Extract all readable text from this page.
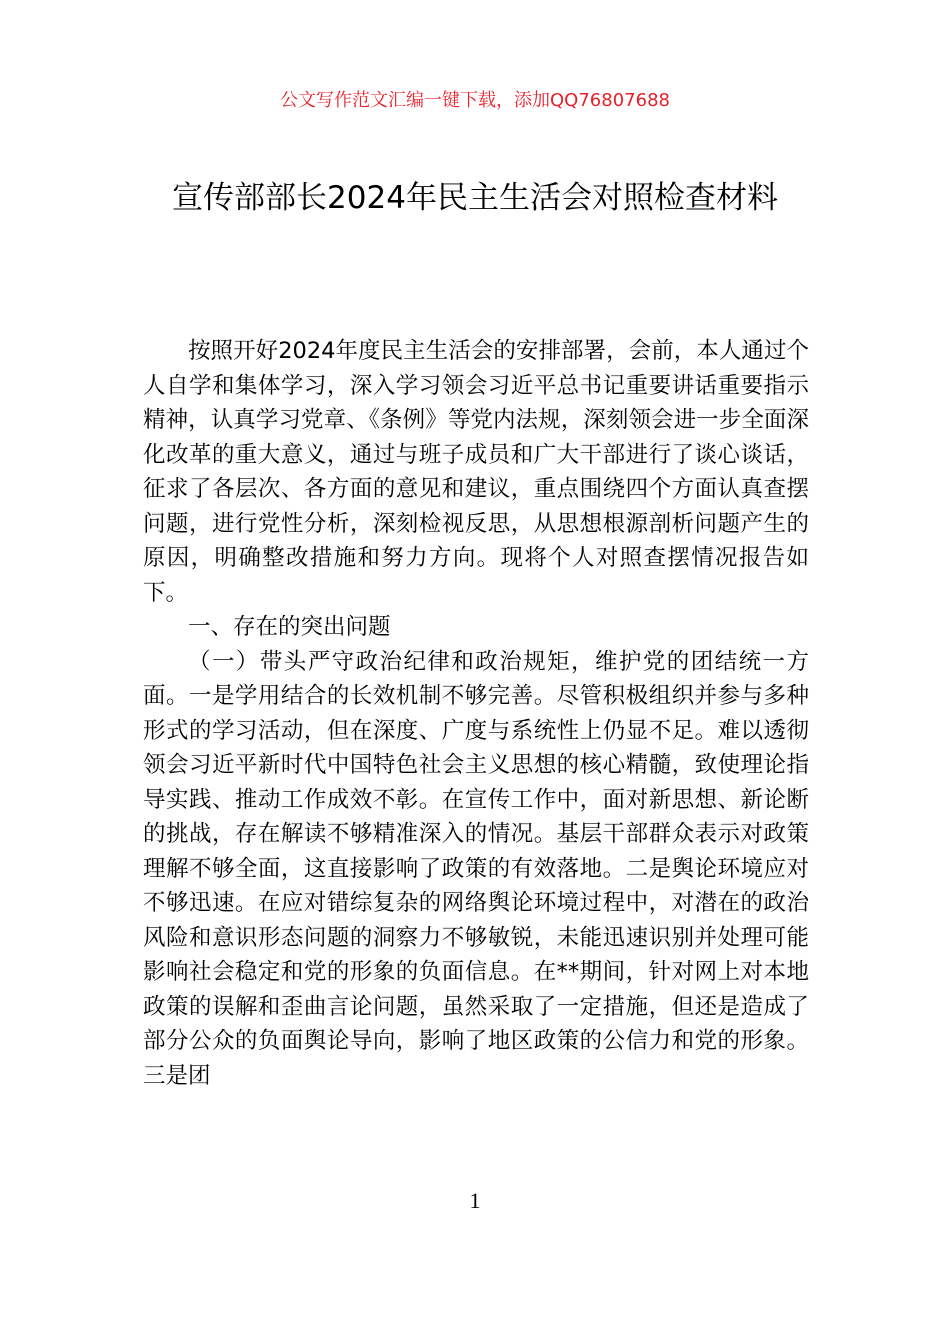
公文写作范文汇编一键下载，添加QQ76807688
宣传部部长2024年民主生活会对照检查材料

按照开好2024年度民主生活会的安排部署，会前，本人通过个人自学和集体学习，深入学习领会习近平总书记重要讲话重要指示精神，认真学习党章、《条例》等党内法规，深刻领会进一步全面深化改革的重大意义，通过与班子成员和广大干部进行了谈心谈话，征求了各层次、各方面的意见和建议，重点围绕四个方面认真查摆问题，进行党性分析，深刻检视反思，从思想根源剖析问题产生的原因，明确整改措施和努力方向。现将个人对照查摆情况报告如下。

一、存在的突出问题

（一）带头严守政治纪律和政治规矩，维护党的团结统一方面。一是学用结合的长效机制不够完善。尽管积极组织并参与多种形式的学习活动，但在深度、广度与系统性上仍显不足。难以透彻领会习近平新时代中国特色社会主义思想的核心精髓，致使理论指导实践、推动工作成效不彰。在宣传工作中，面对新思想、新论断的挑战，存在解读不够精准深入的情况。基层干部群众表示对政策理解不够全面，这直接影响了政策的有效落地。二是舆论环境应对不够迅速。在应对错综复杂的网络舆论环境过程中，对潜在的政治风险和意识形态问题的洞察力不够敏锐，未能迅速识别并处理可能影响社会稳定和党的形象的负面信息。在**期间，针对网上对本地政策的误解和歪曲言论问题，虽然采取了一定措施，但还是造成了部分公众的负面舆论导向，影响了地区政策的公信力和党的形象。三是团

1
